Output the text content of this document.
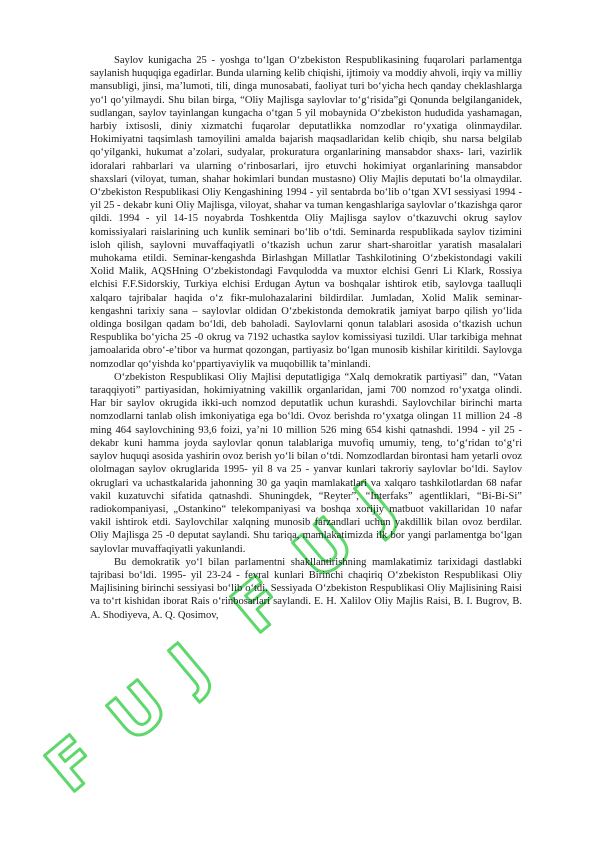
F
U
J
F
U
J

Saylov kunigacha 25 - yoshga to‘lgan O‘zbekiston Respublikasining fuqarolari parlamentga saylanish huquqiga egadirlar. Bunda ularning kelib chiqishi, ijtimoiy va moddiy ahvoli, irqiy va milliy mansubligi, jinsi, ma’lumoti, tili, dinga munosabati, faoliyat turi bo‘yicha hech qanday cheklashlarga yo‘l qo‘yilmaydi. Shu bilan birga, “Oliy Majlisga saylovlar to‘g‘risida”gi Qonunda belgilanganidek, sudlangan, saylov tayinlangan kungacha o‘tgan 5 yil mobaynida O‘zbekiston hududida yashamagan, harbiy ixtisosli, diniy xizmatchi fuqarolar deputatlikka nomzodlar ro‘yxatiga olinmaydilar. Hokimiyatni taqsimlash tamoyilini amalda bajarish maqsadlaridan kelib chiqib, shu narsa belgilab qo‘yilganki, hukumat a’zolari, sudyalar, prokuratura organlarining mansabdor shaxs- lari, vazirlik idoralari rahbarlari va ularning o‘rinbosarlari, ijro etuvchi hokimiyat organlarining mansabdor shaxslari (viloyat, tuman, shahar hokimlari bundan mustasno) Oliy Majlis deputati bo‘la olmaydilar. O‘zbekiston Respublikasi Oliy Kengashining 1994 - yil sentabrda bo‘lib o‘tgan XVI sessiyasi 1994 - yil 25 - dekabr kuni Oliy Majlisga, viloyat, shahar va tuman kengashlariga saylovlar o‘tkazishga qaror qildi. 1994 - yil 14-15 noyabrda Toshkentda Oliy Majlisga saylov o‘tkazuvchi okrug saylov komissiyalari raislarining uch kunlik seminari bo‘lib o‘tdi. Seminarda respublikada saylov tizimini isloh qilish, saylovni muvaffaqiyatli o‘tkazish uchun zarur shart-sharoitlar yaratish masalalari muhokama etildi. Seminar-kengashda Birlashgan Millatlar Tashkilotining O‘zbekistondagi vakili Xolid Malik, AQSHning O‘zbekistondagi Favqulodda va muxtor elchisi Genri Li Klark, Rossiya elchisi F.F.Sidorskiy, Turkiya elchisi Erdugan Aytun va boshqalar ishtirok etib, saylovga taalluqli xalqaro tajribalar haqida o‘z fikr-mulohazalarini bildirdilar. Jumladan, Xolid Malik seminar-kengashni tarixiy sana – saylovlar oldidan O‘zbekistonda demokratik jamiyat barpo qilish yo‘lida oldinga bosilgan qadam bo‘ldi, deb baholadi. Saylovlarni qonun talablari asosida o‘tkazish uchun Respublika bo‘yicha 25 -0 okrug va 7192 uchastka saylov komissiyasi tuzildi. Ular tarkibiga mehnat jamoalarida obro‘-e’tibor va hurmat qozongan, partiyasiz bo‘lgan munosib kishilar kiritildi. Saylovga nomzodlar qo‘yishda ko‘ppartiyaviylik va muqobillik ta’minlandi.

O‘zbekiston Respublikasi Oliy Majlisi deputatligiga “Xalq demokratik partiyasi” dan, “Vatan taraqqiyoti” partiyasidan, hokimiyatning vakillik organlaridan, jami 700 nomzod ro‘yxatga olindi. Har bir saylov okrugida ikki-uch nomzod deputatlik uchun kurashdi. Saylovchilar birinchi marta nomzodlarni tanlab olish imkoniyatiga ega bo‘ldi. Ovoz berishda ro‘yxatga olingan 11 million 24 -8 ming 464 saylovchining 93,6 foizi, ya’ni 10 million 526 ming 654 kishi qatnashdi. 1994 - yil 25 - dekabr kuni hamma joyda saylovlar qonun talablariga muvofiq umumiy, teng, to‘g‘ridan to‘g‘ri saylov huquqi asosida yashirin ovoz berish yo‘li bilan o‘tdi. Nomzodlardan birontasi ham yetarli ovoz ololmagan saylov okruglarida 1995- yil 8 va 25 - yanvar kunlari takroriy saylovlar bo‘ldi. Saylov okruglari va uchastkalarida jahonning 30 ga yaqin mamlakatlari va xalqaro tashkilotlardan 68 nafar vakil kuzatuvchi sifatida qatnashdi. Shuningdek, “Reyter”, “Interfaks” agentliklari, “Bi-Bi-Si” radiokompaniyasi, „Ostankino“ telekompaniyasi va boshqa xorijiy matbuot vakillaridan 10 nafar vakil ishtirok etdi. Saylovchilar xalqning munosib farzandlari uchun yakdillik bilan ovoz berdilar. Oliy Majlisga 25 -0 deputat saylandi. Shu tariqa, mamlakatimizda ilk bor yangi parlamentga bo‘lgan saylovlar muvaffaqiyatli yakunlandi.

Bu demokratik yo‘l bilan parlamentni shakllantirishning mamlakatimiz tarixidagi dastlabki tajribasi bo‘ldi. 1995- yil 23-24 - fevral kunlari Birinchi chaqiriq O‘zbekiston Respublikasi Oliy Majlisining birinchi sessiyasi bo‘lib o‘tdi. Sessiyada O‘zbekiston Respublikasi Oliy Majlisining Raisi va to‘rt kishidan iborat Rais o‘rinbosarlari saylandi. E. H. Xalilov Oliy Majlis Raisi, B. I. Bugrov, B. A. Shodiyeva, A. Q. Qosimov,
